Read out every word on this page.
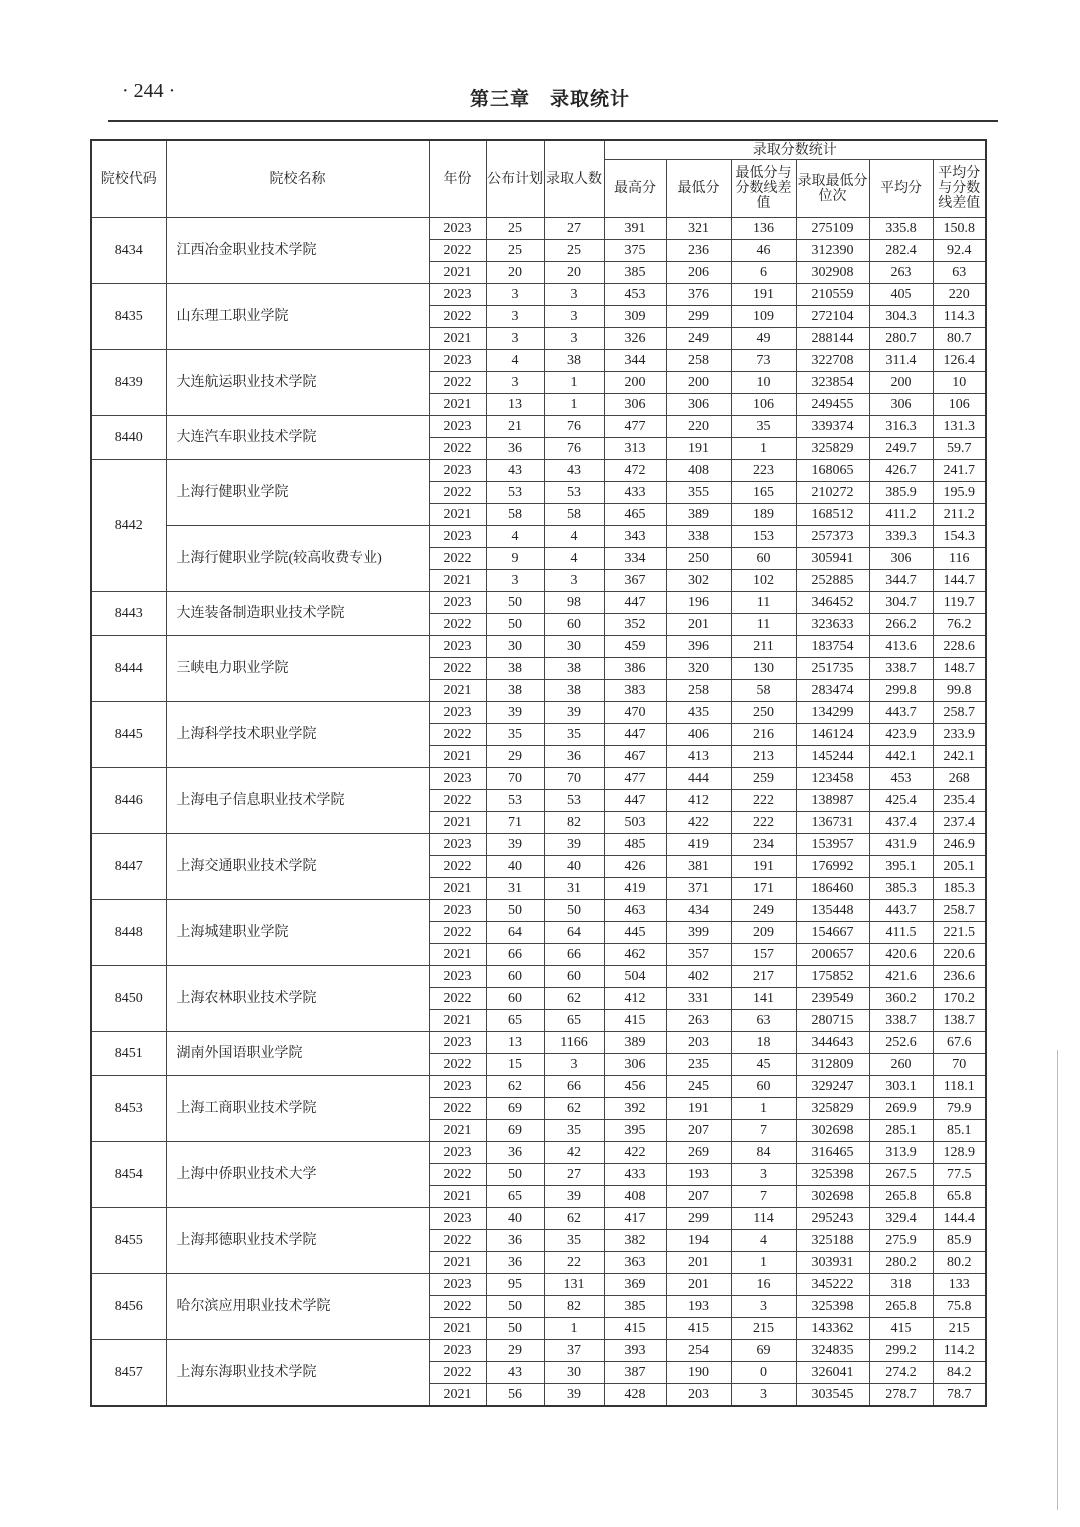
· 244 ·	第三章　录取统计
院校代码	院校名称	年份	公布计划	录取人数	录取分数统计					
					最高分	最低分	最低分与分数线差值	录取最低分位次	平均分	平均分与分数线差值
8434	江西冶金职业技术学院	2023	25	27	391	321	136	275109	335.8	150.8
		2022	25	25	375	236	46	312390	282.4	92.4
		2021	20	20	385	206	6	302908	263	63
8435	山东理工职业学院	2023	3	3	453	376	191	210559	405	220
		2022	3	3	309	299	109	272104	304.3	114.3
		2021	3	3	326	249	49	288144	280.7	80.7
8439	大连航运职业技术学院	2023	4	38	344	258	73	322708	311.4	126.4
		2022	3	1	200	200	10	323854	200	10
		2021	13	1	306	306	106	249455	306	106
8440	大连汽车职业技术学院	2023	21	76	477	220	35	339374	316.3	131.3
		2022	36	76	313	191	1	325829	249.7	59.7
8442	上海行健职业学院	2023	43	43	472	408	223	168065	426.7	241.7
		2022	53	53	433	355	165	210272	385.9	195.9
		2021	58	58	465	389	189	168512	411.2	211.2
	上海行健职业学院(较高收费专业)	2023	4	4	343	338	153	257373	339.3	154.3
		2022	9	4	334	250	60	305941	306	116
		2021	3	3	367	302	102	252885	344.7	144.7
8443	大连装备制造职业技术学院	2023	50	98	447	196	11	346452	304.7	119.7
		2022	50	60	352	201	11	323633	266.2	76.2
8444	三峡电力职业学院	2023	30	30	459	396	211	183754	413.6	228.6
		2022	38	38	386	320	130	251735	338.7	148.7
		2021	38	38	383	258	58	283474	299.8	99.8
8445	上海科学技术职业学院	2023	39	39	470	435	250	134299	443.7	258.7
		2022	35	35	447	406	216	146124	423.9	233.9
		2021	29	36	467	413	213	145244	442.1	242.1
8446	上海电子信息职业技术学院	2023	70	70	477	444	259	123458	453	268
		2022	53	53	447	412	222	138987	425.4	235.4
		2021	71	82	503	422	222	136731	437.4	237.4
8447	上海交通职业技术学院	2023	39	39	485	419	234	153957	431.9	246.9
		2022	40	40	426	381	191	176992	395.1	205.1
		2021	31	31	419	371	171	186460	385.3	185.3
8448	上海城建职业学院	2023	50	50	463	434	249	135448	443.7	258.7
		2022	64	64	445	399	209	154667	411.5	221.5
		2021	66	66	462	357	157	200657	420.6	220.6
8450	上海农林职业技术学院	2023	60	60	504	402	217	175852	421.6	236.6
		2022	60	62	412	331	141	239549	360.2	170.2
		2021	65	65	415	263	63	280715	338.7	138.7
8451	湖南外国语职业学院	2023	13	1166	389	203	18	344643	252.6	67.6
		2022	15	3	306	235	45	312809	260	70
8453	上海工商职业技术学院	2023	62	66	456	245	60	329247	303.1	118.1
		2022	69	62	392	191	1	325829	269.9	79.9
		2021	69	35	395	207	7	302698	285.1	85.1
8454	上海中侨职业技术大学	2023	36	42	422	269	84	316465	313.9	128.9
		2022	50	27	433	193	3	325398	267.5	77.5
		2021	65	39	408	207	7	302698	265.8	65.8
8455	上海邦德职业技术学院	2023	40	62	417	299	114	295243	329.4	144.4
		2022	36	35	382	194	4	325188	275.9	85.9
		2021	36	22	363	201	1	303931	280.2	80.2
8456	哈尔滨应用职业技术学院	2023	95	131	369	201	16	345222	318	133
		2022	50	82	385	193	3	325398	265.8	75.8
		2021	50	1	415	415	215	143362	415	215
8457	上海东海职业技术学院	2023	29	37	393	254	69	324835	299.2	114.2
		2022	43	30	387	190	0	326041	274.2	84.2
		2021	56	39	428	203	3	303545	278.7	78.7
